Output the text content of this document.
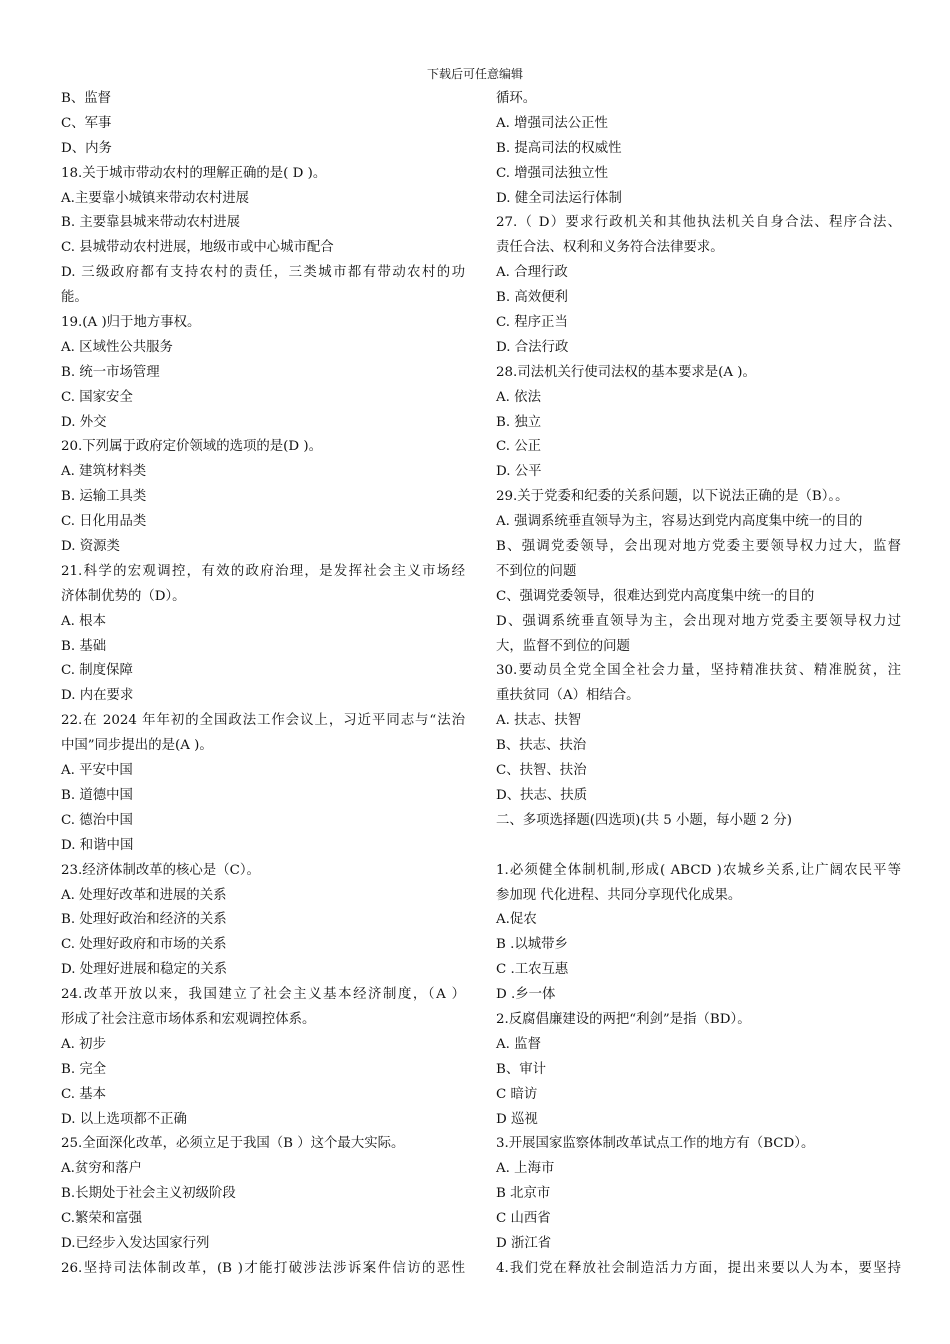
下载后可任意编辑
B、监督
C、军事
D、内务
18.关于城市带动农村的理解正确的是( D )。
A.主要靠小城镇来带动农村进展
B. 主要靠县城来带动农村进展
C. 县城带动农村进展，地级市或中心城市配合
D. 三级政府都有支持农村的责任，三类城市都有带动农村的功
能。
19.(A )归于地方事权。
A. 区域性公共服务
B. 统一市场管理
C. 国家安全
D. 外交
20.下列属于政府定价领域的选项的是(D )。
A. 建筑材料类
B. 运输工具类
C. 日化用品类
D. 资源类
21.科学的宏观调控，有效的政府治理，是发挥社会主义市场经
济体制优势的（D）。
A. 根本
B. 基础
C. 制度保障
D. 内在要求
22.在 2024 年年初的全国政法工作会议上，习近平同志与“法治
中国”同步提出的是(A )。
A. 平安中国
B. 道德中国
C. 德治中国
D. 和谐中国
23.经济体制改革的核心是（C）。
A. 处理好改革和进展的关系
B. 处理好政治和经济的关系
C. 处理好政府和市场的关系
D. 处理好进展和稳定的关系
24.改革开放以来，我国建立了社会主义基本经济制度，（A ）
形成了社会注意市场体系和宏观调控体系。
A. 初步
B. 完全
C. 基本
D. 以上选项都不正确
25.全面深化改革，必须立足于我国（B ）这个最大实际。
A.贫穷和落户
B.长期处于社会主义初级阶段
C.繁荣和富强
D.已经步入发达国家行列
26.坚持司法体制改革，(B )才能打破涉法涉诉案件信访的恶性
循环。
A. 增强司法公正性
B. 提高司法的权威性
C. 增强司法独立性
D. 健全司法运行体制
27.（ D）要求行政机关和其他执法机关自身合法、程序合法、
责任合法、权利和义务符合法律要求。
A. 合理行政
B. 高效便利
C. 程序正当
D. 合法行政
28.司法机关行使司法权的基本要求是(A )。
A. 依法
B. 独立
C. 公正
D. 公平
29.关于党委和纪委的关系问题，以下说法正确的是（B）。。
A. 强调系统垂直领导为主，容易达到党内高度集中统一的目的
B、强调党委领导，会出现对地方党委主要领导权力过大，监督
不到位的问题
C、强调党委领导，很难达到党内高度集中统一的目的
D、强调系统垂直领导为主，会出现对地方党委主要领导权力过
大，监督不到位的问题
30.要动员全党全国全社会力量，坚持精准扶贫、精准脱贫，注
重扶贫同（A）相结合。
A. 扶志、扶智
B、扶志、扶治
C、扶智、扶治
D、扶志、扶质
二、多项选择题(四选项)(共 5 小题，每小题 2 分)

1.必须健全体制机制,形成( ABCD )农城乡关系,让广阔农民平等
参加现 代化进程、共同分享现代化成果。
A.促农
B .以城带乡
C .工农互惠
D .乡一体
2.反腐倡廉建设的两把“利剑”是指（BD）。
A. 监督
B、审计
C 暗访
D 巡视
3.开展国家监察体制改革试点工作的地方有（BCD）。
A. 上海市
B 北京市
C 山西省
D 浙江省
4.我们党在释放社会制造活力方面，提出来要以人为本，要坚持
